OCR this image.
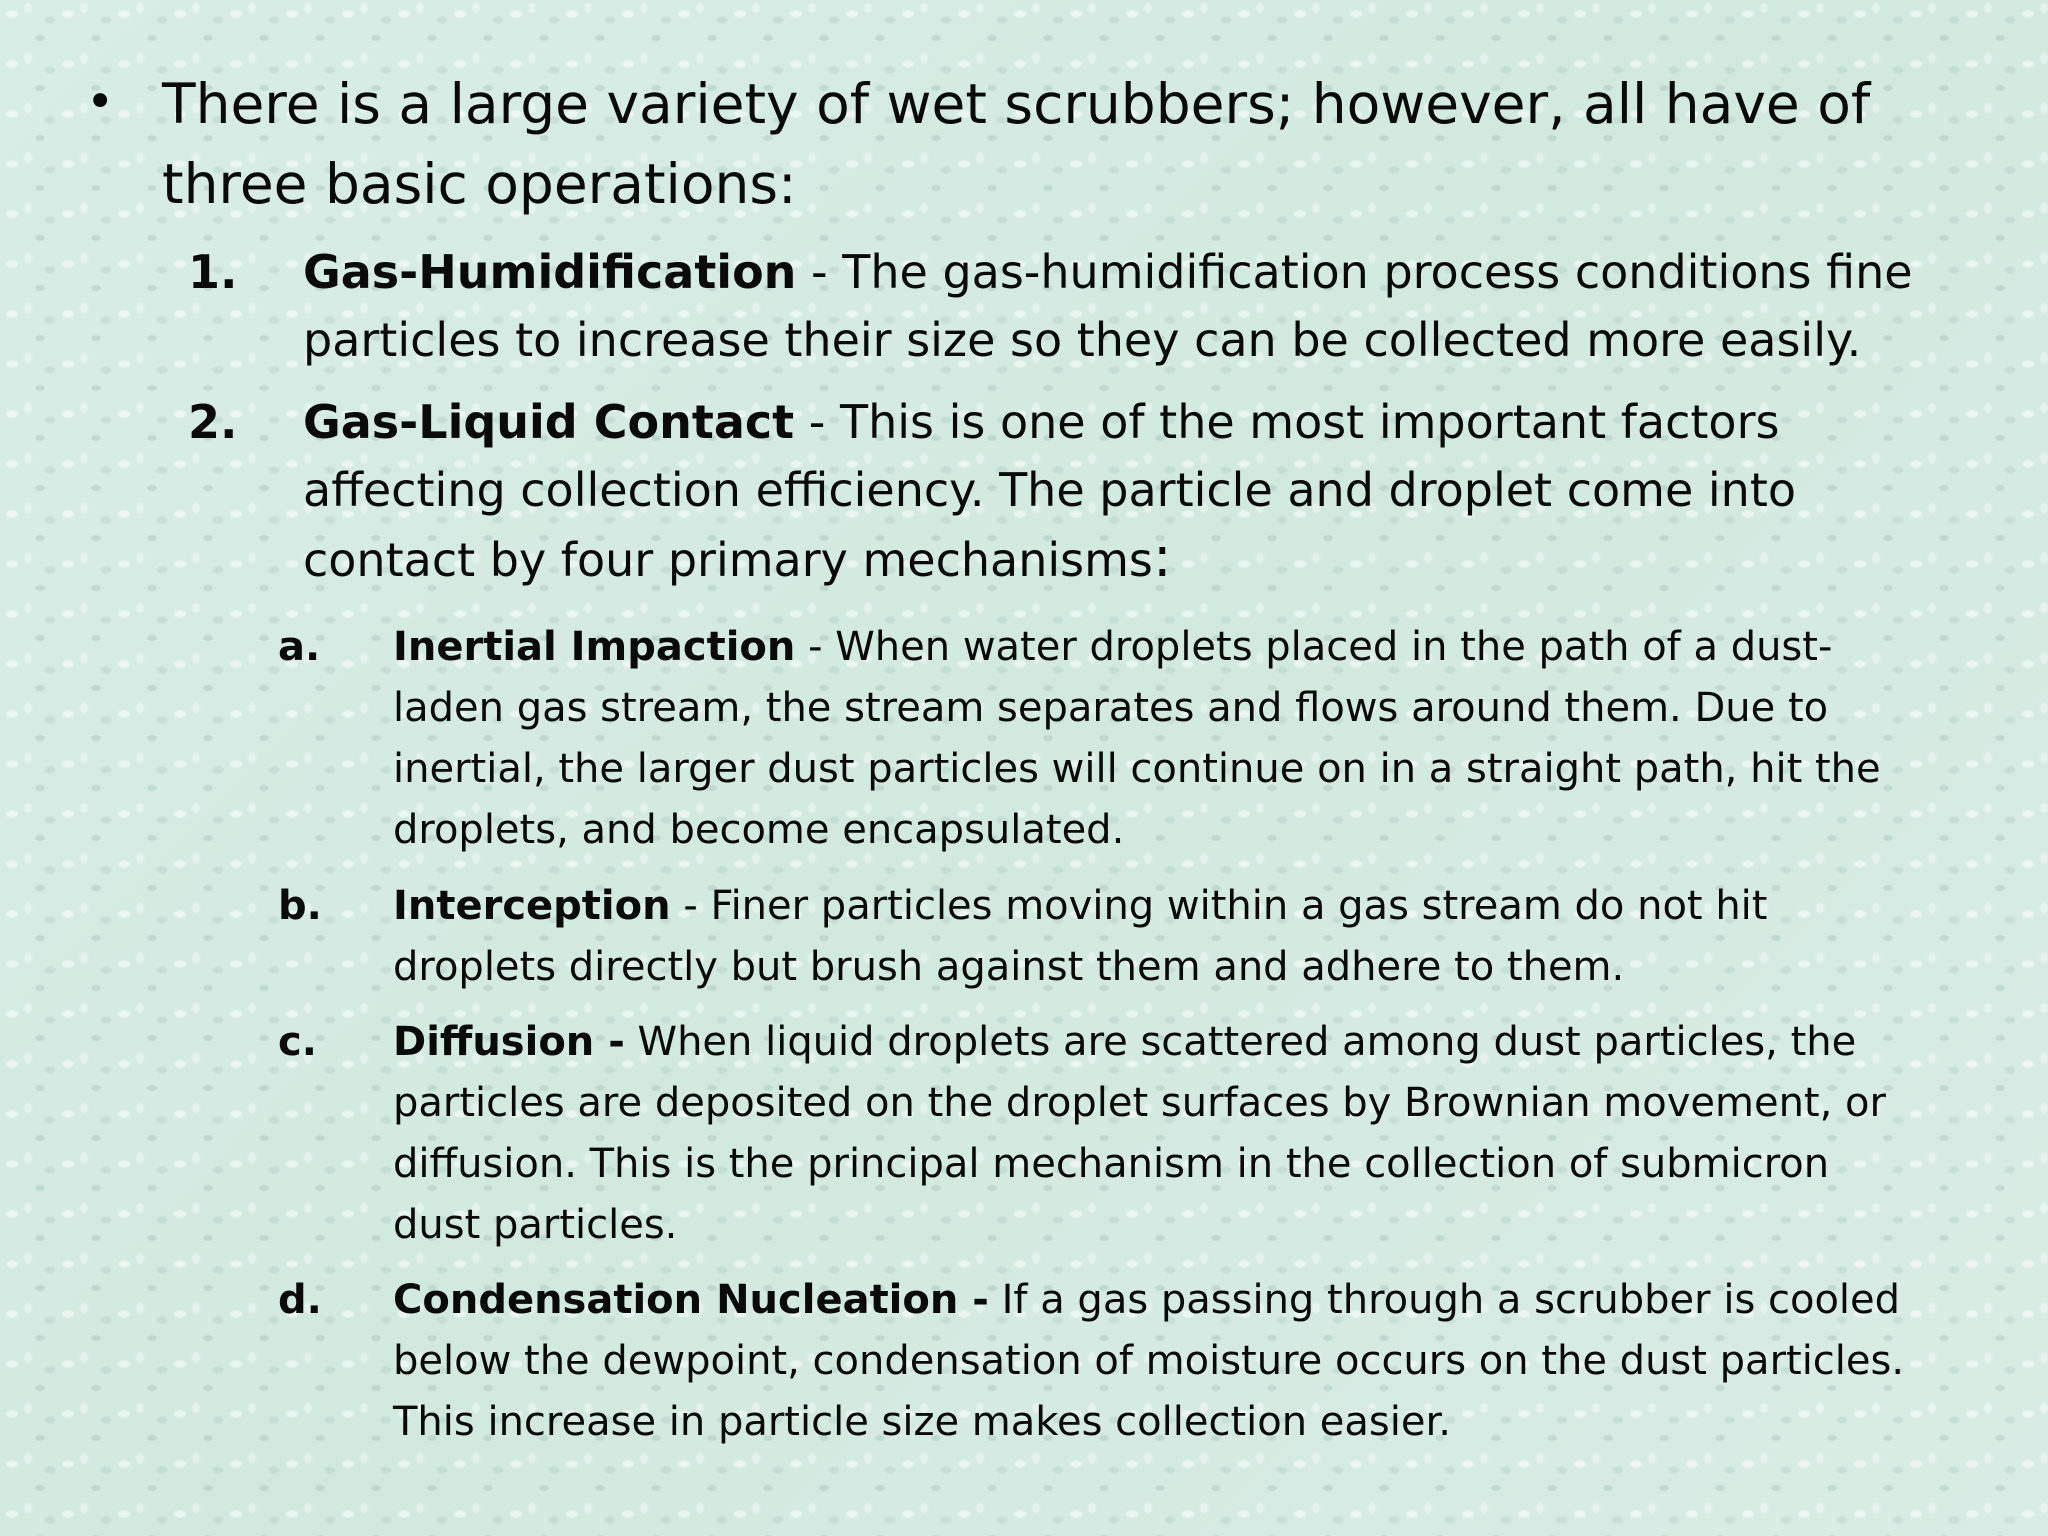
• There is a large variety of wet scrubbers; however, all have of three basic operations:
1. Gas-Humidification - The gas-humidification process conditions fine particles to increase their size so they can be collected more easily.
2. Gas-Liquid Contact - This is one of the most important factors affecting collection efficiency. The particle and droplet come into contact by four primary mechanisms:
a. Inertial Impaction - When water droplets placed in the path of a dust-laden gas stream, the stream separates and flows around them. Due to inertial, the larger dust particles will continue on in a straight path, hit the droplets, and become encapsulated.
b. Interception - Finer particles moving within a gas stream do not hit droplets directly but brush against them and adhere to them.
c. Diffusion - When liquid droplets are scattered among dust particles, the particles are deposited on the droplet surfaces by Brownian movement, or diffusion. This is the principal mechanism in the collection of submicron dust particles.
d. Condensation Nucleation - If a gas passing through a scrubber is cooled below the dewpoint, condensation of moisture occurs on the dust particles. This increase in particle size makes collection easier.
